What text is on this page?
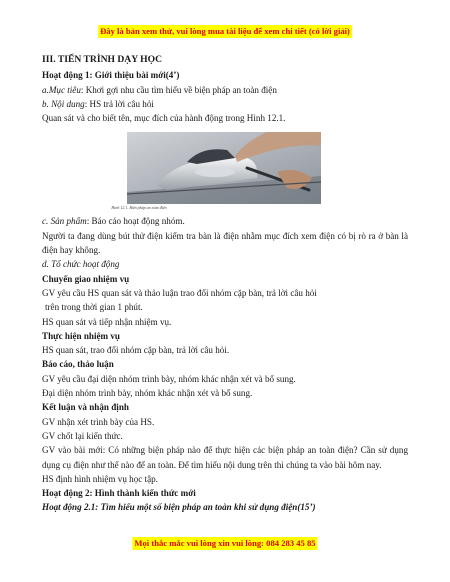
Đây là bản xem thử, vui lòng mua tài liệu để xem chi tiết (có lời giải)

III. TIẾN TRÌNH DẠY HỌC

Hoạt động 1: Giới thiệu bài mới(4’)

a.Mục tiêu: Khơi gợi nhu cầu tìm hiểu về biện pháp an toàn điện

b. Nội dung: HS trả lời câu hỏi

Quan sát và cho biết tên, mục đích của hành động trong Hình 12.1.

Hình 12.1. Biện pháp an toàn điện

c. Sản phẩm: Báo cáo hoạt động nhóm.

Người ta đang dùng bút thử điện kiểm tra bàn là điện nhằm mục đích xem điện có bị rò ra ở bàn là điện hay không.

d. Tổ chức hoạt động

Chuyển giao nhiệm vụ

GV yêu cầu HS quan sát và thảo luận trao đổi nhóm cặp bàn, trả lời câu hỏi

trên trong thời gian 1 phút.

HS quan sát và tiếp nhận nhiệm vụ.

Thực hiện nhiệm vụ

HS quan sát, trao đổi nhóm cặp bàn, trả lời câu hỏi.

Báo cáo, thảo luận

GV yêu cầu đại diện nhóm trình bày, nhóm khác nhận xét và bổ sung.

Đại diện nhóm trình bày, nhóm khác nhận xét và bổ sung.

Kết luận và nhận định

GV nhận xét trình bày của HS.

GV chốt lại kiến thức.

GV vào bài mới: Có những biện pháp nào để thực hiện các biện pháp an toàn điện? Cần sử dụng dụng cụ điện như thế nào để an toàn. Để tìm hiểu nội dung trên thì chúng ta vào bài hôm nay.

HS định hình nhiệm vụ học tập.

Hoạt động 2: Hình thành kiến thức mới

Hoạt động 2.1: Tìm hiểu một số biện pháp an toàn khi sử dụng điện(15’)

Mọi thắc mắc vui lòng xin vui lòng: 084 283 45 85
